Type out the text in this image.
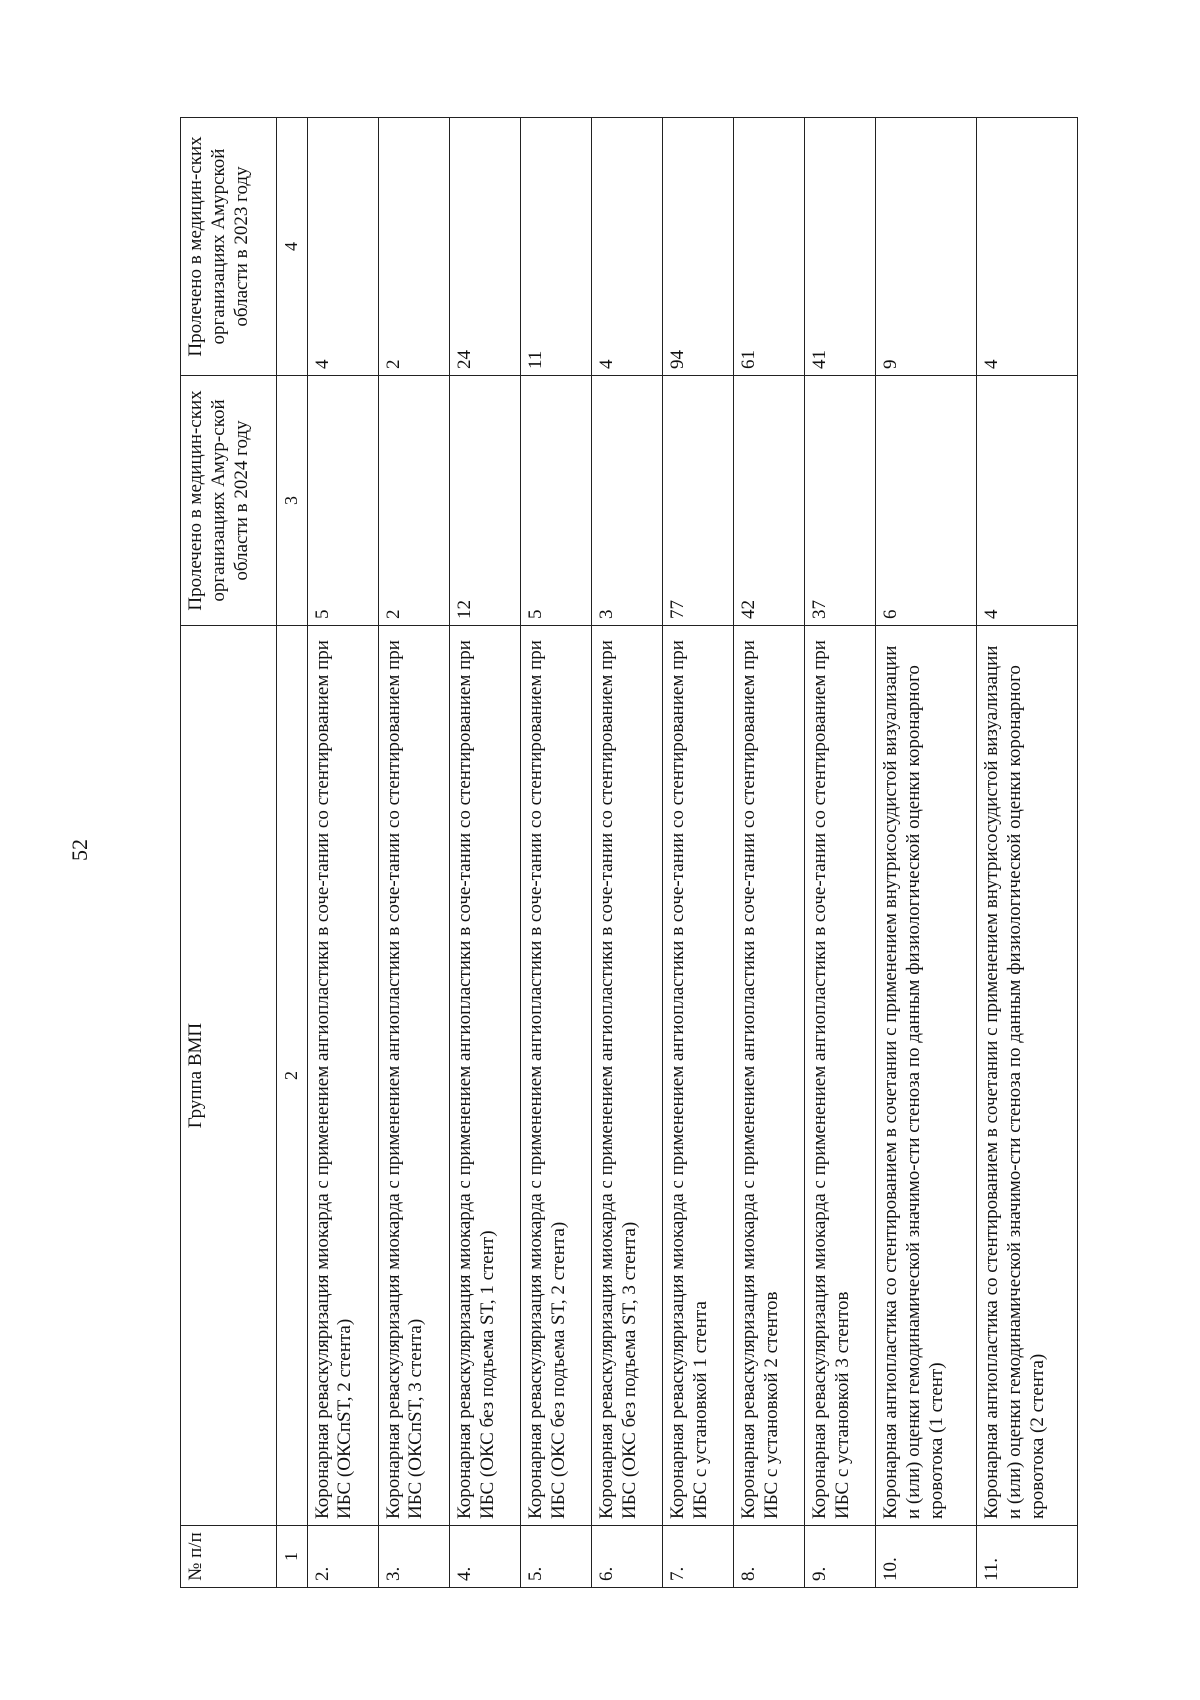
52
№ п/п	Группа ВМП	Пролечено в медицин-ских организациях Амур-ской области в 2024 году	Пролечено в медицин-ских организациях Амурской области в 2023 году
1	2	3	4
2.	Коронарная реваскуляризация миокарда с применением ангиопластики в соче-тании со стентированием при ИБС (ОКСпST, 2 стента)	5	4
3.	Коронарная реваскуляризация миокарда с применением ангиопластики в соче-тании со стентированием при ИБС (ОКСпST, 3 стента)	2	2
4.	Коронарная реваскуляризация миокарда с применением ангиопластики в соче-тании со стентированием при ИБС (ОКС без подъема ST, 1 стент)	12	24
5.	Коронарная реваскуляризация миокарда с применением ангиопластики в соче-тании со стентированием при ИБС (ОКС без подъема ST, 2 стента)	5	11
6.	Коронарная реваскуляризация миокарда с применением ангиопластики в соче-тании со стентированием при ИБС (ОКС без подъема ST, 3 стента)	3	4
7.	Коронарная реваскуляризация миокарда с применением ангиопластики в соче-тании со стентированием при ИБС с установкой 1 стента	77	94
8.	Коронарная реваскуляризация миокарда с применением ангиопластики в соче-тании со стентированием при ИБС с установкой 2 стентов	42	61
9.	Коронарная реваскуляризация миокарда с применением ангиопластики в соче-тании со стентированием при ИБС с установкой 3 стентов	37	41
10.	Коронарная ангиопластика со стентированием в сочетании с применением внутрисосудистой визуализации и (или) оценки гемодинамической значимо-сти стеноза по данным физиологической оценки коронарного кровотока (1 стент)	6	9
11.	Коронарная ангиопластика со стентированием в сочетании с применением внутрисосудистой визуализации и (или) оценки гемодинамической значимо-сти стеноза по данным физиологической оценки коронарного кровотока (2 стента)	4	4
